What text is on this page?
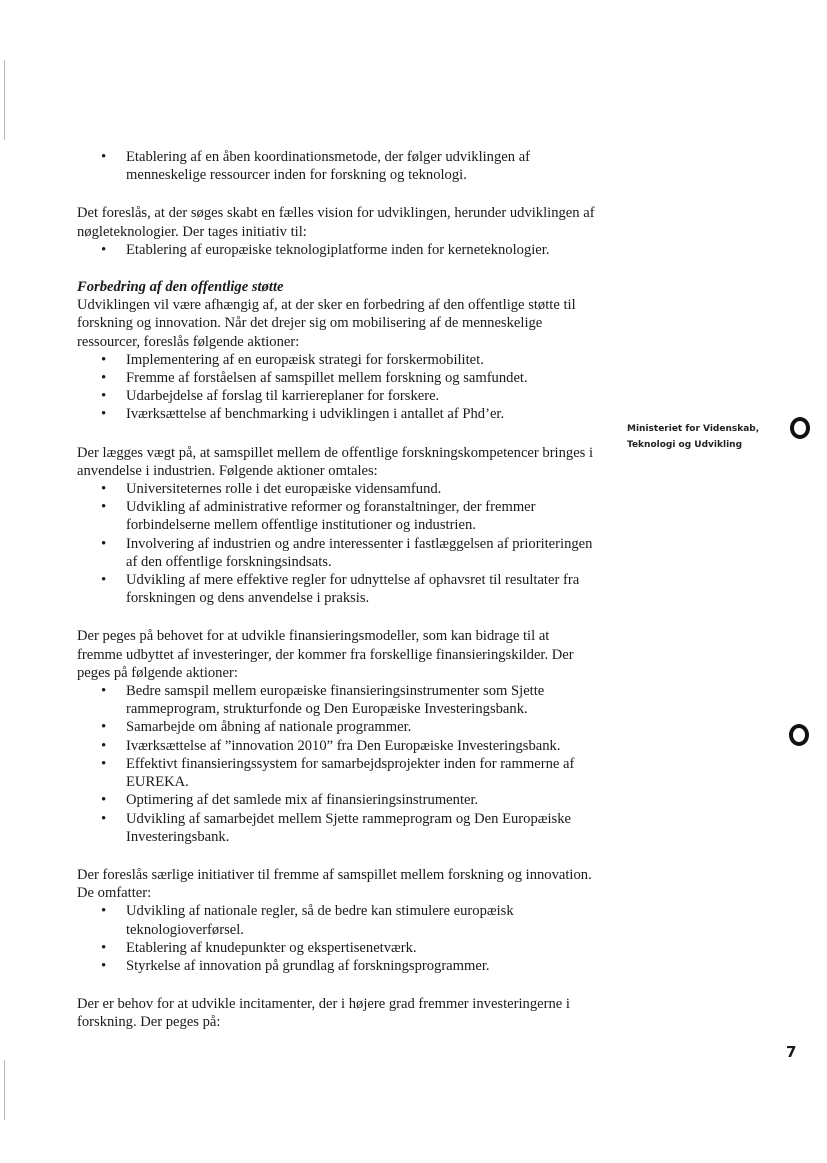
• Etablering af en åben koordinationsmetode, der følger udviklingen af menneskelige ressourcer inden for forskning og teknologi.

Det foreslås, at der søges skabt en fælles vision for udviklingen, herunder udviklingen af nøgleteknologier. Der tages initiativ til:

• Etablering af europæiske teknologiplatforme inden for kerneteknologier.

Forbedring af den offentlige støtte

Udviklingen vil være afhængig af, at der sker en forbedring af den offentlige støtte til forskning og innovation. Når det drejer sig om mobilisering af de menneskelige ressourcer, foreslås følgende aktioner:

• Implementering af en europæisk strategi for forskermobilitet.
• Fremme af forståelsen af samspillet mellem forskning og samfundet.
• Udarbejdelse af forslag til karriereplaner for forskere.
• Iværksættelse af benchmarking i udviklingen i antallet af Phd’er.

Der lægges vægt på, at samspillet mellem de offentlige forskningskompetencer bringes i anvendelse i industrien. Følgende aktioner omtales:

• Universiteternes rolle i det europæiske vidensamfund.
• Udvikling af administrative reformer og foranstaltninger, der fremmer forbindelserne mellem offentlige institutioner og industrien.
• Involvering af industrien og andre interessenter i fastlæggelsen af prioriteringen af den offentlige forskningsindsats.
• Udvikling af mere effektive regler for udnyttelse af ophavsret til resultater fra forskningen og dens anvendelse i praksis.

Der peges på behovet for at udvikle finansieringsmodeller, som kan bidrage til at fremme udbyttet af investeringer, der kommer fra forskellige finansieringskilder. Der peges på følgende aktioner:

• Bedre samspil mellem europæiske finansieringsinstrumenter som Sjette rammeprogram, strukturfonde og Den Europæiske Investeringsbank.
• Samarbejde om åbning af nationale programmer.
• Iværksættelse af ”innovation 2010” fra Den Europæiske Investeringsbank.
• Effektivt finansieringssystem for samarbejdsprojekter inden for rammerne af EUREKA.
• Optimering af det samlede mix af finansieringsinstrumenter.
• Udvikling af samarbejdet mellem Sjette rammeprogram og Den Europæiske Investeringsbank.

Der foreslås særlige initiativer til fremme af samspillet mellem forskning og innovation. De omfatter:

• Udvikling af nationale regler, så de bedre kan stimulere europæisk teknologioverførsel.
• Etablering af knudepunkter og ekspertisenetværk.
• Styrkelse af innovation på grundlag af forskningsprogrammer.

Der er behov for at udvikle incitamenter, der i højere grad fremmer investeringerne i forskning. Der peges på:

Ministeriet for Videnskab,
Teknologi og Udvikling
7
